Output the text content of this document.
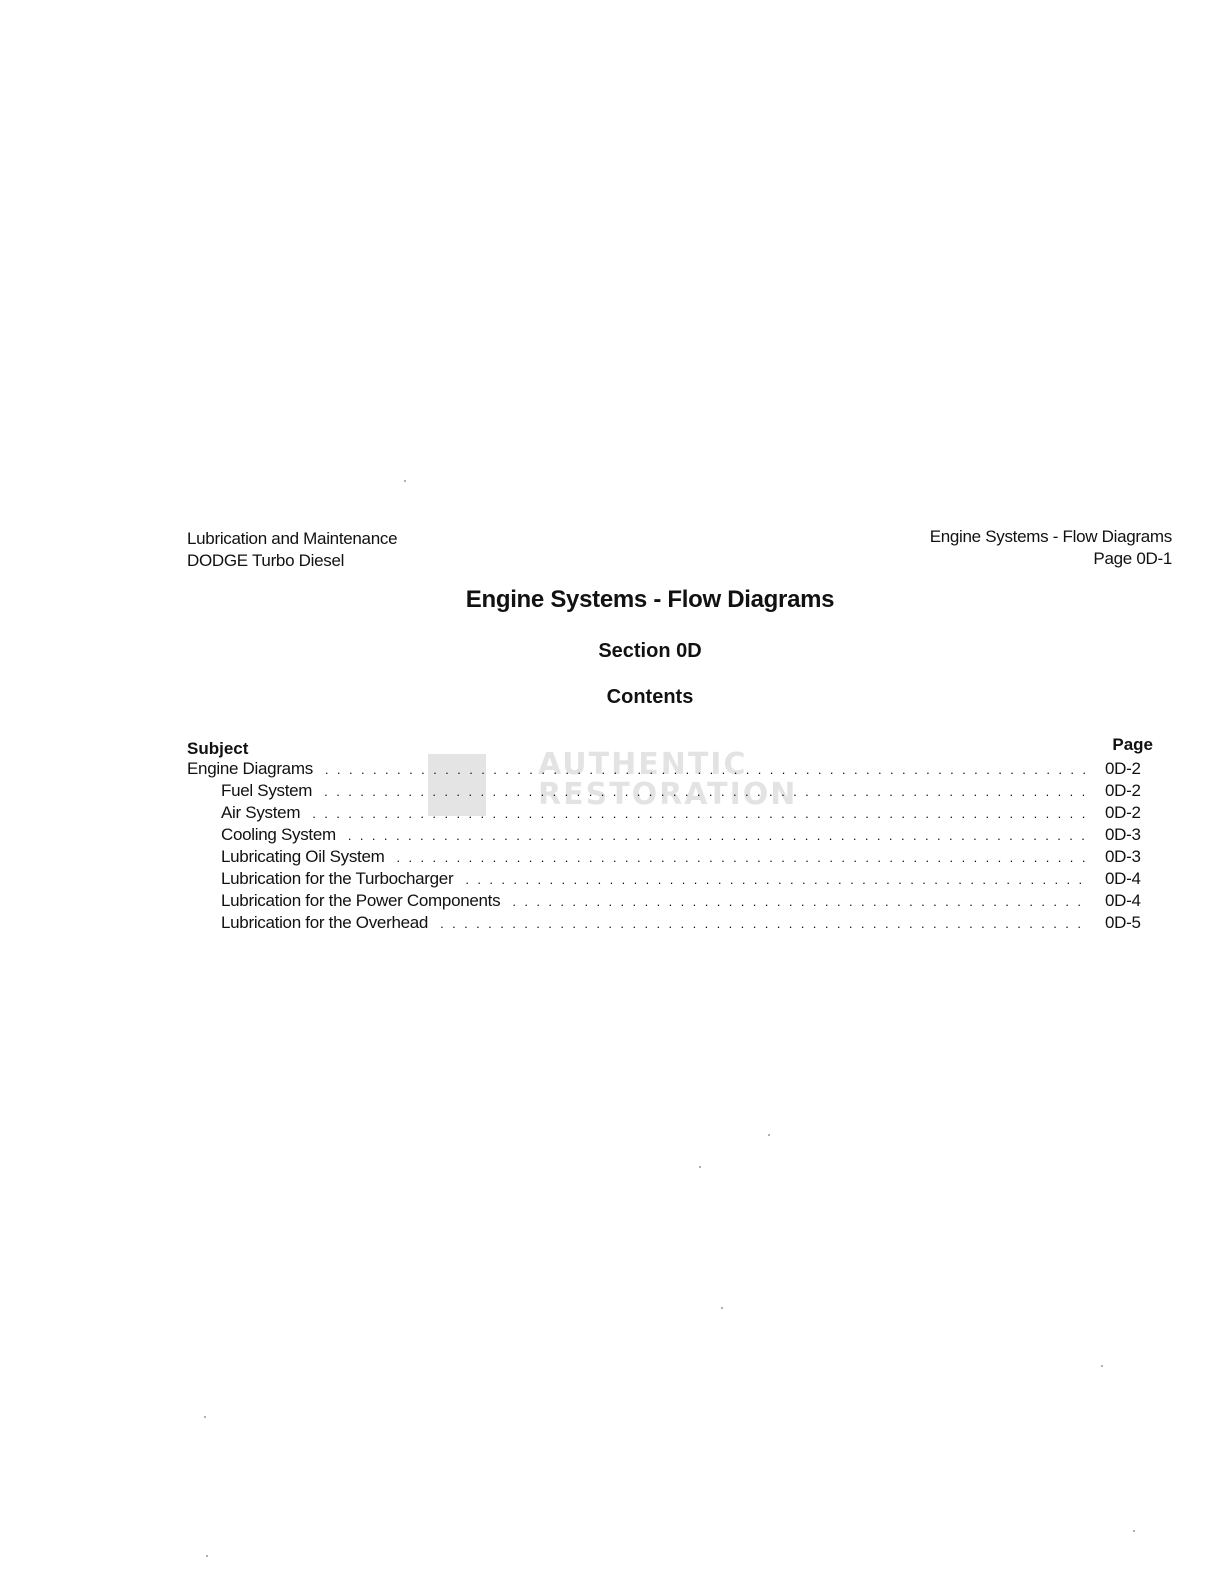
Lubrication and Maintenance
DODGE Turbo Diesel
Engine Systems - Flow Diagrams
Page 0D-1
Engine Systems - Flow Diagrams
Section 0D
Contents
AUTHENTIC
RESTORATION
Subject	Page
Engine Diagrams . . .	0D-2
Fuel System . . .	0D-2
Air System . . .	0D-2
Cooling System . . .	0D-3
Lubricating Oil System . . .	0D-3
Lubrication for the Turbocharger . . .	0D-4
Lubrication for the Power Components . . .	0D-4
Lubrication for the Overhead . . .	0D-5
